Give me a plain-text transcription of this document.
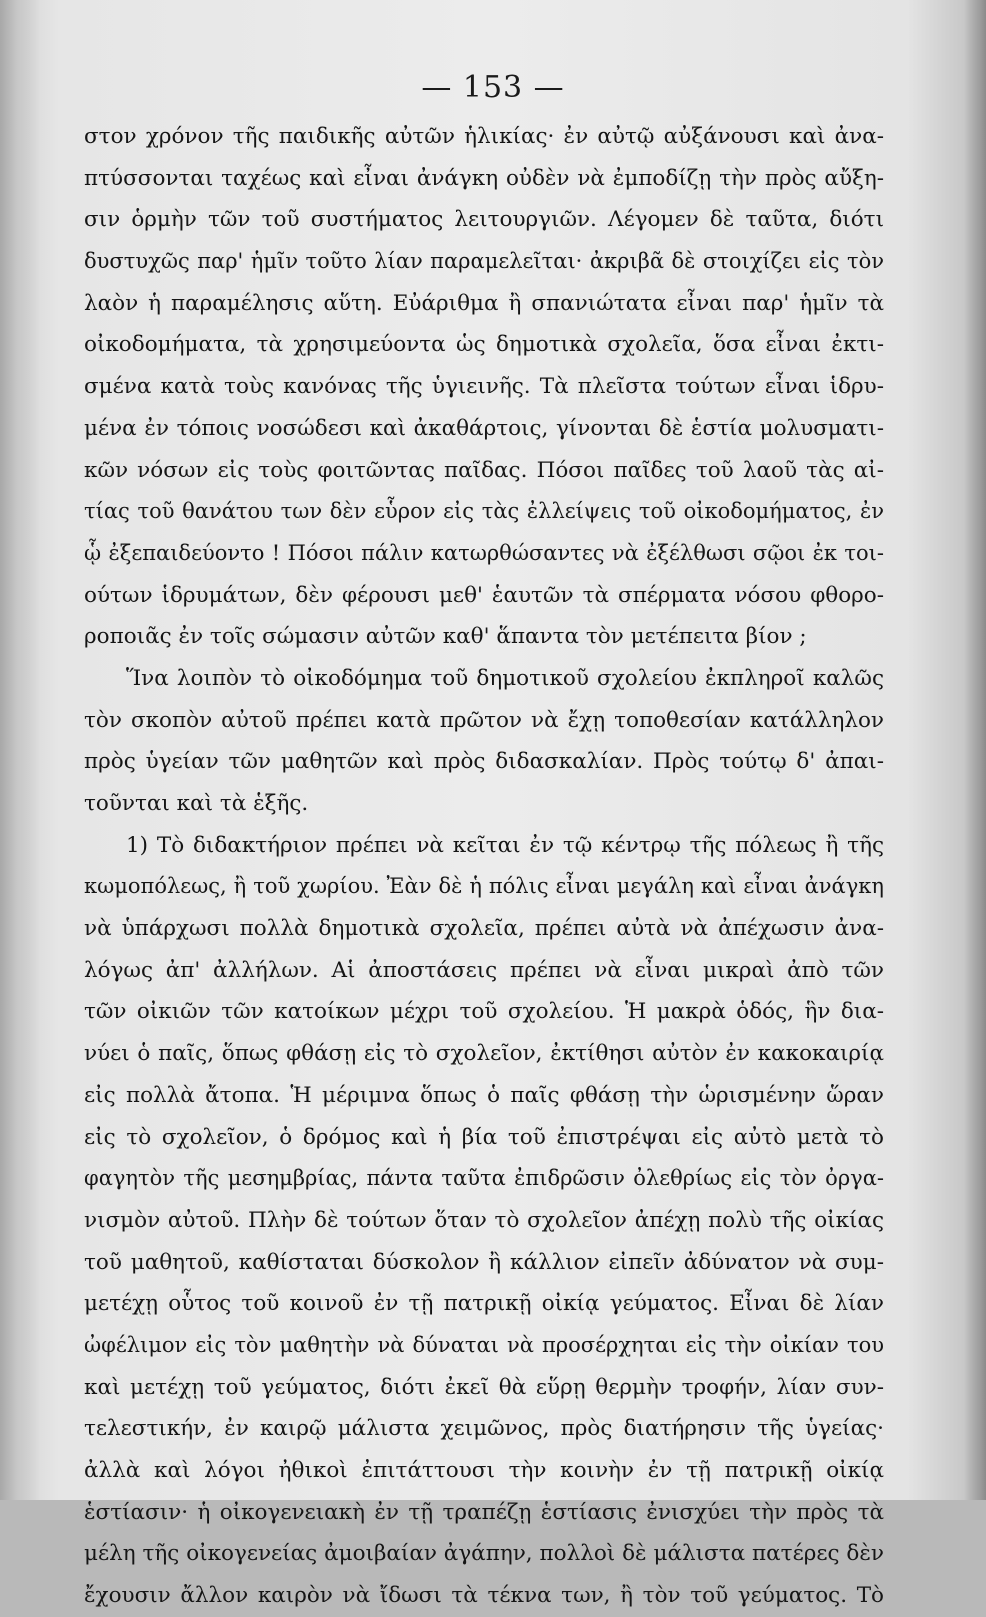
— 153 —

στον χρόνον τῆς παιδικῆς αὐτῶν ἡλικίας· ἐν αὐτῷ αὐξάνουσι καὶ ἀνα-
πτύσσονται ταχέως καὶ εἶναι ἀνάγκη οὐδὲν νὰ ἐμποδίζῃ τὴν πρὸς αὔξη-
σιν ὁρμὴν τῶν τοῦ συστήματος λειτουργιῶν. Λέγομεν δὲ ταῦτα, διότι
δυστυχῶς παρ' ἡμῖν τοῦτο λίαν παραμελεῖται· ἀκριβᾶ δὲ στοιχίζει εἰς τὸν
λαὸν ἡ παραμέλησις αὕτη. Εὐάριθμα ἢ σπανιώτατα εἶναι παρ' ἡμῖν τὰ
οἰκοδομήματα, τὰ χρησιμεύοντα ὡς δημοτικὰ σχολεῖα, ὅσα εἶναι ἐκτι-
σμένα κατὰ τοὺς κανόνας τῆς ὑγιεινῆς. Τὰ πλεῖστα τούτων εἶναι ἱδρυ-
μένα ἐν τόποις νοσώδεσι καὶ ἀκαθάρτοις, γίνονται δὲ ἑστία μολυσματι-
κῶν νόσων εἰς τοὺς φοιτῶντας παῖδας. Πόσοι παῖδες τοῦ λαοῦ τὰς αἰ-
τίας τοῦ θανάτου των δὲν εὗρον εἰς τὰς ἐλλείψεις τοῦ οἰκοδομήματος, ἐν
ᾧ ἐξεπαιδεύοντο ! Πόσοι πάλιν κατωρθώσαντες νὰ ἐξέλθωσι σῷοι ἐκ τοι-
ούτων ἱδρυμάτων, δὲν φέρουσι μεθ' ἑαυτῶν τὰ σπέρματα νόσου φθορο-
ροποιᾶς ἐν τοῖς σώμασιν αὐτῶν καθ' ἅπαντα τὸν μετέπειτα βίον ;
Ἵνα λοιπὸν τὸ οἰκοδόμημα τοῦ δημοτικοῦ σχολείου ἐκπληροῖ καλῶς
τὸν σκοπὸν αὐτοῦ πρέπει κατὰ πρῶτον νὰ ἔχῃ τοποθεσίαν κατάλληλον
πρὸς ὑγείαν τῶν μαθητῶν καὶ πρὸς διδασκαλίαν. Πρὸς τούτῳ δ' ἀπαι-
τοῦνται καὶ τὰ ἑξῆς.
1) Τὸ διδακτήριον πρέπει νὰ κεῖται ἐν τῷ κέντρῳ τῆς πόλεως ἢ τῆς
κωμοπόλεως, ἢ τοῦ χωρίου. Ἐὰν δὲ ἡ πόλις εἶναι μεγάλη καὶ εἶναι ἀνάγκη
νὰ ὑπάρχωσι πολλὰ δημοτικὰ σχολεῖα, πρέπει αὐτὰ νὰ ἀπέχωσιν ἀνα-
λόγως ἀπ' ἀλλήλων. Αἱ ἀποστάσεις πρέπει νὰ εἶναι μικραὶ ἀπὸ τῶν
τῶν οἰκιῶν τῶν κατοίκων μέχρι τοῦ σχολείου. Ἡ μακρὰ ὁδός, ἣν δια-
νύει ὁ παῖς, ὅπως φθάσῃ εἰς τὸ σχολεῖον, ἐκτίθησι αὐτὸν ἐν κακοκαιρίᾳ
εἰς πολλὰ ἄτοπα. Ἡ μέριμνα ὅπως ὁ παῖς φθάσῃ τὴν ὡρισμένην ὥραν
εἰς τὸ σχολεῖον, ὁ δρόμος καὶ ἡ βία τοῦ ἐπιστρέψαι εἰς αὐτὸ μετὰ τὸ
φαγητὸν τῆς μεσημβρίας, πάντα ταῦτα ἐπιδρῶσιν ὀλεθρίως εἰς τὸν ὀργα-
νισμὸν αὐτοῦ. Πλὴν δὲ τούτων ὅταν τὸ σχολεῖον ἀπέχῃ πολὺ τῆς οἰκίας
τοῦ μαθητοῦ, καθίσταται δύσκολον ἢ κάλλιον εἰπεῖν ἀδύνατον νὰ συμ-
μετέχῃ οὗτος τοῦ κοινοῦ ἐν τῇ πατρικῇ οἰκίᾳ γεύματος. Εἶναι δὲ λίαν
ὠφέλιμον εἰς τὸν μαθητὴν νὰ δύναται νὰ προσέρχηται εἰς τὴν οἰκίαν του
καὶ μετέχῃ τοῦ γεύματος, διότι ἐκεῖ θὰ εὕρῃ θερμὴν τροφήν, λίαν συν-
τελεστικήν, ἐν καιρῷ μάλιστα χειμῶνος, πρὸς διατήρησιν τῆς ὑγείας·
ἀλλὰ καὶ λόγοι ἠθικοὶ ἐπιτάττουσι τὴν κοινὴν ἐν τῇ πατρικῇ οἰκίᾳ
ἑστίασιν· ἡ οἰκογενειακὴ ἐν τῇ τραπέζῃ ἑστίασις ἐνισχύει τὴν πρὸς τὰ
μέλη τῆς οἰκογενείας ἀμοιβαίαν ἀγάπην, πολλοὶ δὲ μάλιστα πατέρες δὲν
ἔχουσιν ἄλλον καιρὸν νὰ ἴδωσι τὰ τέκνα των, ἢ τὸν τοῦ γεύματος. Τὸ
